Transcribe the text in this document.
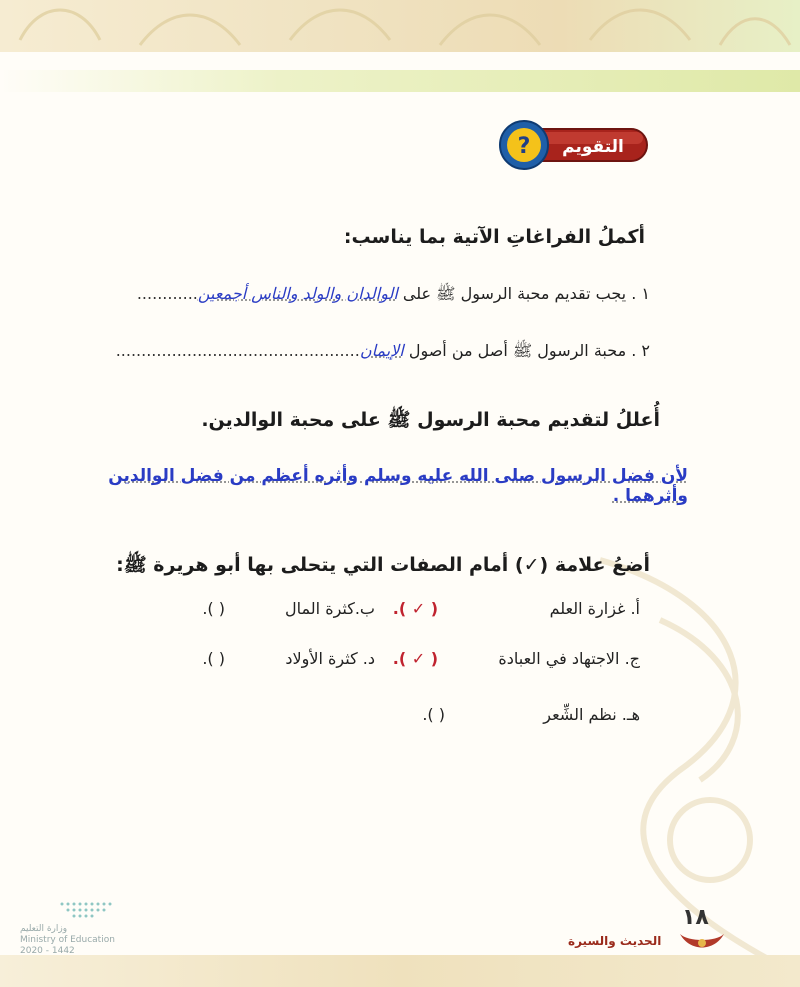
? التقويم
أكملُ الفراغاتِ الآتية بما يناسب:
١ . يجب تقديم محبة الرسول ﷺ على الوالدان والولد والناس أجمعين............
٢ . محبة الرسول ﷺ أصل من أصول الإيمان................................................
أُعللُ لتقديم محبة الرسول ﷺ على محبة الوالدين.
لأن فضل الرسول صلى الله عليه وسلم وأثره أعظم من فضل الوالدين وأثرهما .
أضعُ علامة (✓) أمام الصفات التي يتحلى بها أبو هريرة ﷺ:
أ. غزارة العلم
( ✓ ).
ب.كثرة المال
( ).
ج. الاجتهاد في العبادة
( ✓ ).
د. كثرة الأولاد
( ).
هـ. نظم الشِّعر
( ).
وزارة التعليم
Ministry of Education
2020 - 1442
١٨
الحديث والسيرة
